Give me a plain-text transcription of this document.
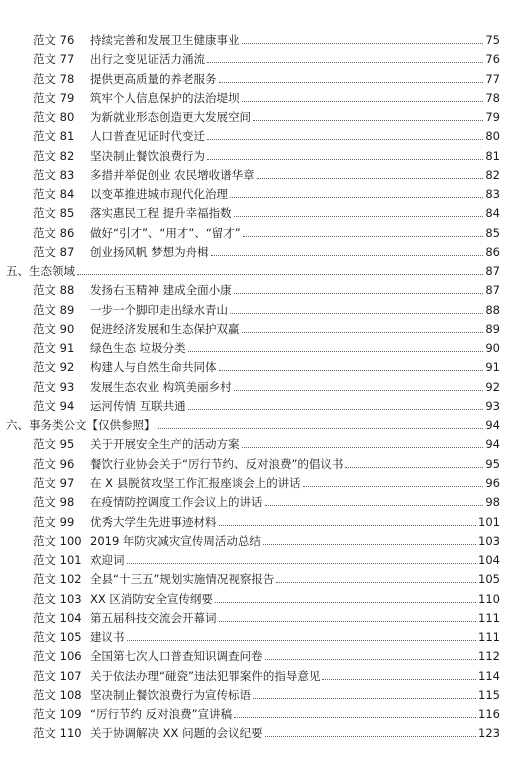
范文 76 持续完善和发展卫生健康事业	75
范文 77 出行之变见证活力涌流	76
范文 78 提供更高质量的养老服务	77
范文 79 筑牢个人信息保护的法治堤坝	78
范文 80 为新就业形态创造更大发展空间	79
范文 81 人口普查见证时代变迁	80
范文 82 坚决制止餐饮浪费行为	81
范文 83 多措并举促创业 农民增收谱华章	82
范文 84 以变革推进城市现代化治理	83
范文 85 落实惠民工程 提升幸福指数	84
范文 86 做好“引才”、“用才”、“留才”	85
范文 87 创业扬风帆 梦想为舟楫	86
五、生态领域	87
范文 88 发扬右玉精神 建成全面小康	87
范文 89 一步一个脚印走出绿水青山	88
范文 90 促进经济发展和生态保护双赢	89
范文 91 绿色生态 垃圾分类	90
范文 92 构建人与自然生命共同体	91
范文 93 发展生态农业 构筑美丽乡村	92
范文 94 运河传情 互联共通	93
六、事务类公文【仅供参照】	94
范文 95 关于开展安全生产的活动方案	94
范文 96 餐饮行业协会关于“厉行节约、反对浪费”的倡议书	95
范文 97 在 X 县脱贫攻坚工作汇报座谈会上的讲话	96
范文 98 在疫情防控调度工作会议上的讲话	98
范文 99 优秀大学生先进事迹材料	101
范文 100 2019 年防灾减灾宣传周活动总结	103
范文 101 欢迎词	104
范文 102 全县“十三五”规划实施情况视察报告	105
范文 103 XX 区消防安全宣传纲要	110
范文 104 第五届科技交流会开幕词	111
范文 105 建议书	111
范文 106 全国第七次人口普查知识调查问卷	112
范文 107 关于依法办理“碰瓷”违法犯罪案件的指导意见	114
范文 108 坚决制止餐饮浪费行为宣传标语	115
范文 109 “厉行节约 反对浪费”宣讲稿	116
范文 110 关于协调解决 XX 问题的会议纪要	123
